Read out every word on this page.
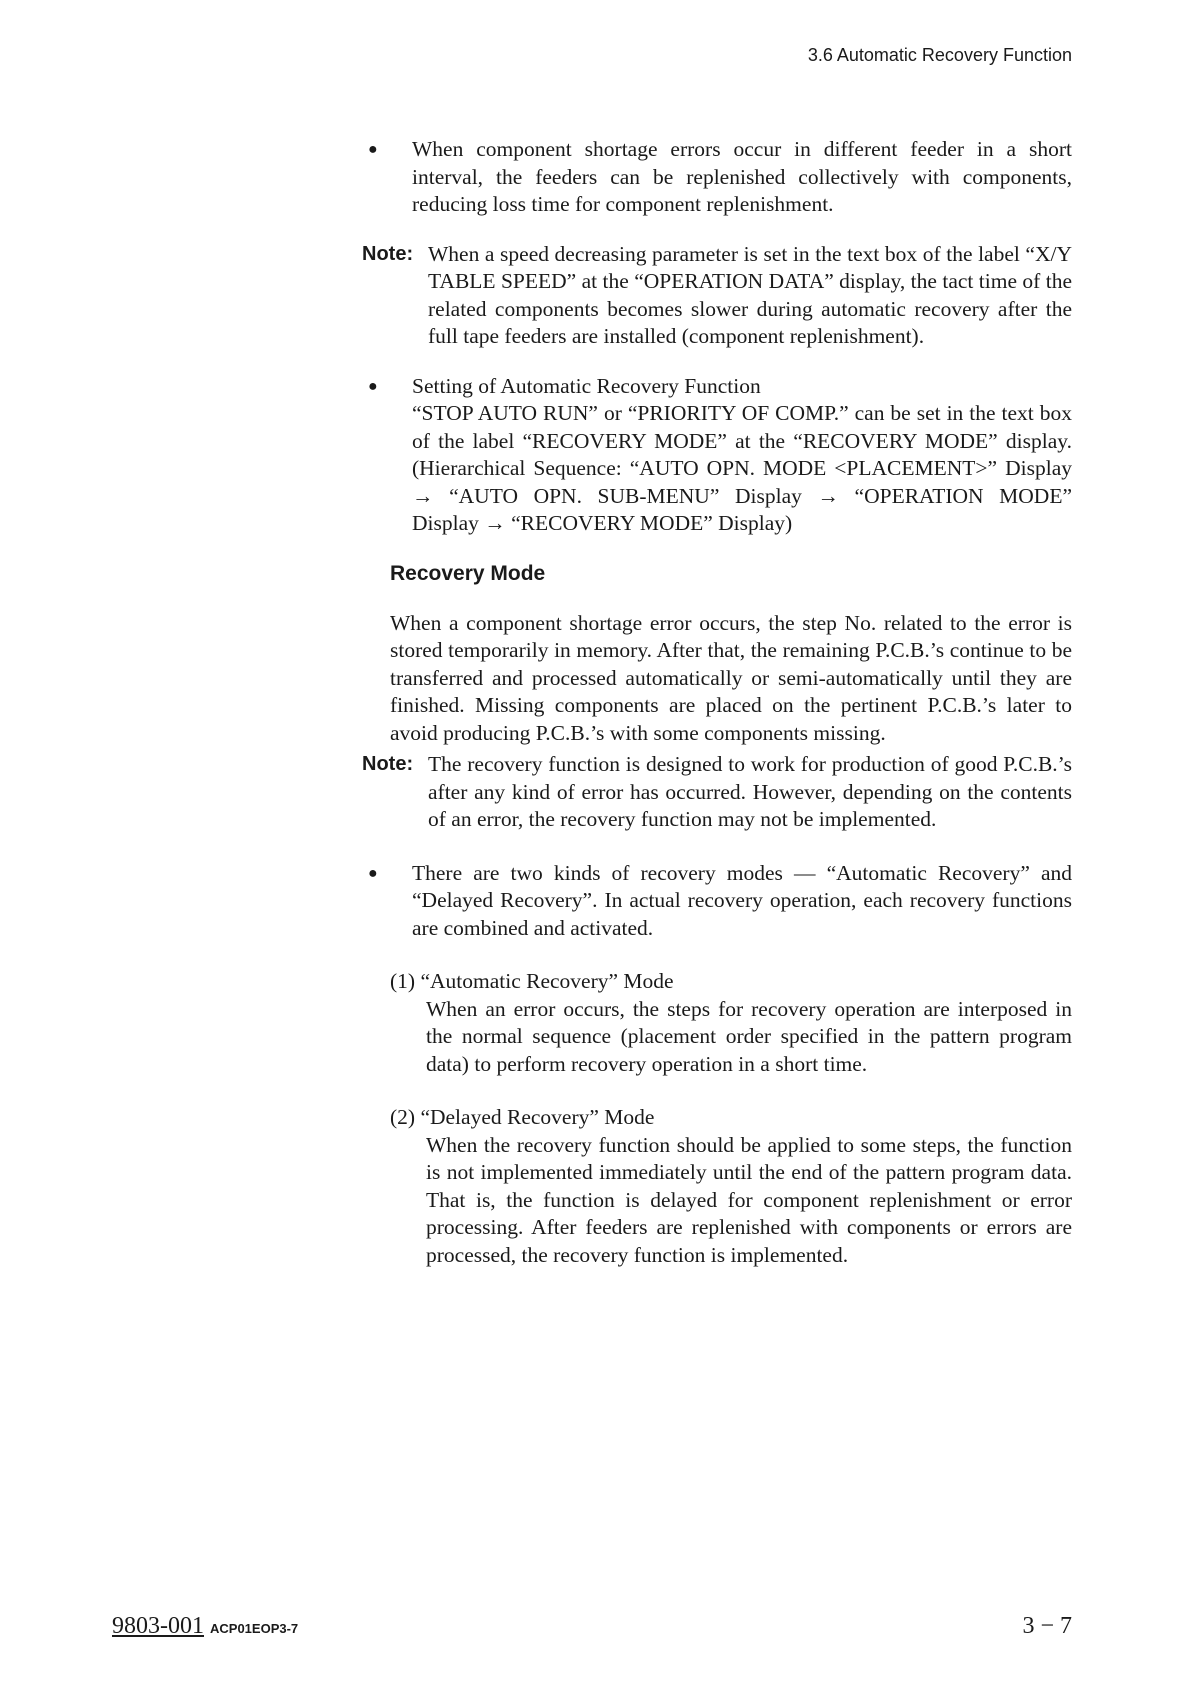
3.6 Automatic Recovery Function
●	When component shortage errors occur in different feeder in a short interval, the feeders can be replenished collectively with components, reducing loss time for component replenishment.
Note: When a speed decreasing parameter is set in the text box of the label “X/Y TABLE SPEED” at the “OPERATION DATA” display, the tact time of the related components becomes slower during automatic recovery after the full tape feeders are installed (component replenishment).
● Setting of Automatic Recovery Function
“STOP AUTO RUN” or “PRIORITY OF COMP.” can be set in the text box of the label “RECOVERY MODE” at the “RECOVERY MODE” display. (Hierarchical Sequence: “AUTO OPN. MODE <PLACEMENT>” Display → “AUTO OPN. SUB-MENU” Display → “OPERATION MODE” Display → “RECOVERY MODE” Display)
Recovery Mode
When a component shortage error occurs, the step No. related to the error is stored temporarily in memory. After that, the remaining P.C.B.’s continue to be transferred and processed automatically or semi-automatically until they are finished. Missing components are placed on the pertinent P.C.B.’s later to avoid producing P.C.B.’s with some components missing.
Note: The recovery function is designed to work for production of good P.C.B.’s after any kind of error has occurred. However, depending on the contents of an error, the recovery function may not be implemented.
●	There are two kinds of recovery modes — “Automatic Recovery” and “Delayed Recovery”. In actual recovery operation, each recovery functions are combined and activated.
(1) “Automatic Recovery” Mode
When an error occurs, the steps for recovery operation are interposed in the normal sequence (placement order specified in the pattern program data) to perform recovery operation in a short time.
(2) “Delayed Recovery” Mode
When the recovery function should be applied to some steps, the function is not implemented immediately until the end of the pattern program data. That is, the function is delayed for component replenishment or error processing. After feeders are replenished with components or errors are processed, the recovery function is implemented.
9803-001 ACP01EOP3-7	3 − 7
